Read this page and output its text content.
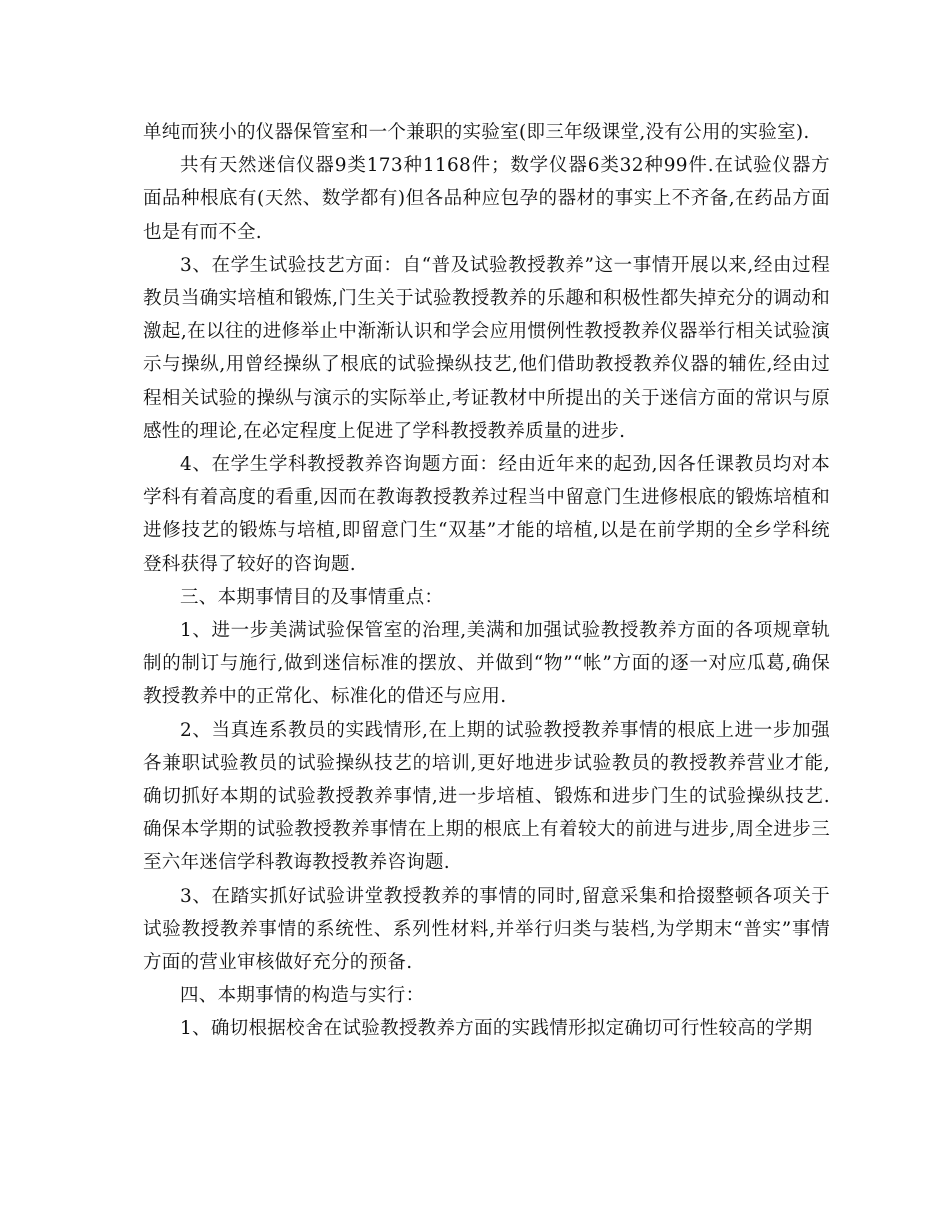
单纯而狭小的仪器保管室和一个兼职的实验室(即三年级课堂,没有公用的实验室).

共有天然迷信仪器9类173种1168件；数学仪器6类32种99件.在试验仪器方面品种根底有(天然、数学都有)但各品种应包孕的器材的事实上不齐备,在药品方面也是有而不全.

3、在学生试验技艺方面：自“普及试验教授教养”这一事情开展以来,经由过程教员当确实培植和锻炼,门生关于试验教授教养的乐趣和积极性都失掉充分的调动和激起,在以往的进修举止中渐渐认识和学会应用惯例性教授教养仪器举行相关试验演示与操纵,用曾经操纵了根底的试验操纵技艺,他们借助教授教养仪器的辅佐,经由过程相关试验的操纵与演示的实际举止,考证教材中所提出的关于迷信方面的常识与原感性的理论,在必定程度上促进了学科教授教养质量的进步.

4、在学生学科教授教养咨询题方面：经由近年来的起劲,因各任课教员均对本学科有着高度的看重,因而在教诲教授教养过程当中留意门生进修根底的锻炼培植和进修技艺的锻炼与培植,即留意门生“双基”才能的培植,以是在前学期的全乡学科统登科获得了较好的咨询题.

三、本期事情目的及事情重点：

1、进一步美满试验保管室的治理,美满和加强试验教授教养方面的各项规章轨制的制订与施行,做到迷信标准的摆放、并做到“物”“帐”方面的逐一对应瓜葛,确保教授教养中的正常化、标准化的借还与应用.

2、当真连系教员的实践情形,在上期的试验教授教养事情的根底上进一步加强各兼职试验教员的试验操纵技艺的培训,更好地进步试验教员的教授教养营业才能,确切抓好本期的试验教授教养事情,进一步培植、锻炼和进步门生的试验操纵技艺.确保本学期的试验教授教养事情在上期的根底上有着较大的前进与进步,周全进步三至六年迷信学科教诲教授教养咨询题.

3、在踏实抓好试验讲堂教授教养的事情的同时,留意采集和拾掇整顿各项关于试验教授教养事情的系统性、系列性材料,并举行归类与装档,为学期末“普实”事情方面的营业审核做好充分的预备.

四、本期事情的构造与实行：

1、确切根据校舍在试验教授教养方面的实践情形拟定确切可行性较高的学期
